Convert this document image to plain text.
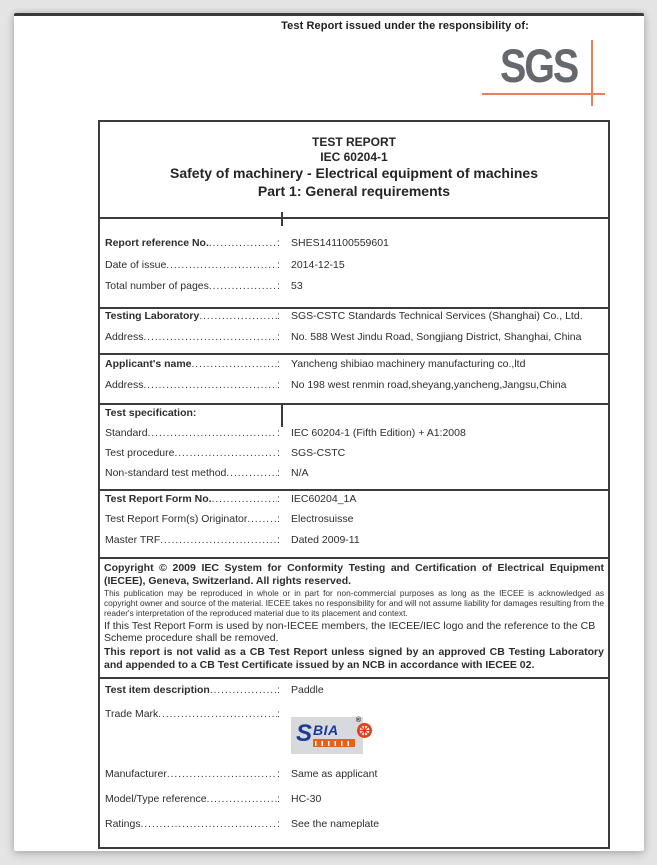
Test Report issued under the responsibility of:
SGS
TEST REPORT
IEC 60204-1
Safety of machinery - Electrical equipment of machines
Part 1: General requirements
Report reference No. .....	: SHES141100559601
Date of issue .....	: 2014-12-15
Total number of pages .....	: 53
Testing Laboratory .....	: SGS-CSTC Standards Technical Services (Shanghai) Co., Ltd.
Address .....	: No. 588 West Jindu Road, Songjiang District, Shanghai, China
Applicant's name .....	: Yancheng shibiao machinery manufacturing co.,ltd
Address .....	: No 198 west renmin road,sheyang,yancheng,Jangsu,China
Test specification:
Standard .....	: IEC 60204-1 (Fifth Edition) + A1:2008
Test procedure .....	: SGS-CSTC
Non-standard test method .....	: N/A
Test Report Form No. .....	: IEC60204_1A
Test Report Form(s) Originator .....	: Electrosuisse
Master TRF .....	: Dated 2009-11
Copyright © 2009 IEC System for Conformity Testing and Certification of Electrical Equipment (IECEE), Geneva, Switzerland. All rights reserved.
This publication may be reproduced in whole or in part for non-commercial purposes as long as the IECEE is acknowledged as copyright owner and source of the material. IECEE takes no responsibility for and will not assume liability for damages resulting from the reader's interpretation of the reproduced material due to its placement and context.
If this Test Report Form is used by non-IECEE members, the IECEE/IEC logo and the reference to the CB Scheme procedure shall be removed.
This report is not valid as a CB Test Report unless signed by an approved CB Testing Laboratory and appended to a CB Test Certificate issued by an NCB in accordance with IECEE 02.
Test item description .....	: Paddle
Trade Mark .....	:
S BIA
®
Manufacturer .....	: Same as applicant
Model/Type reference .....	: HC-30
Ratings .....	: See the nameplate
